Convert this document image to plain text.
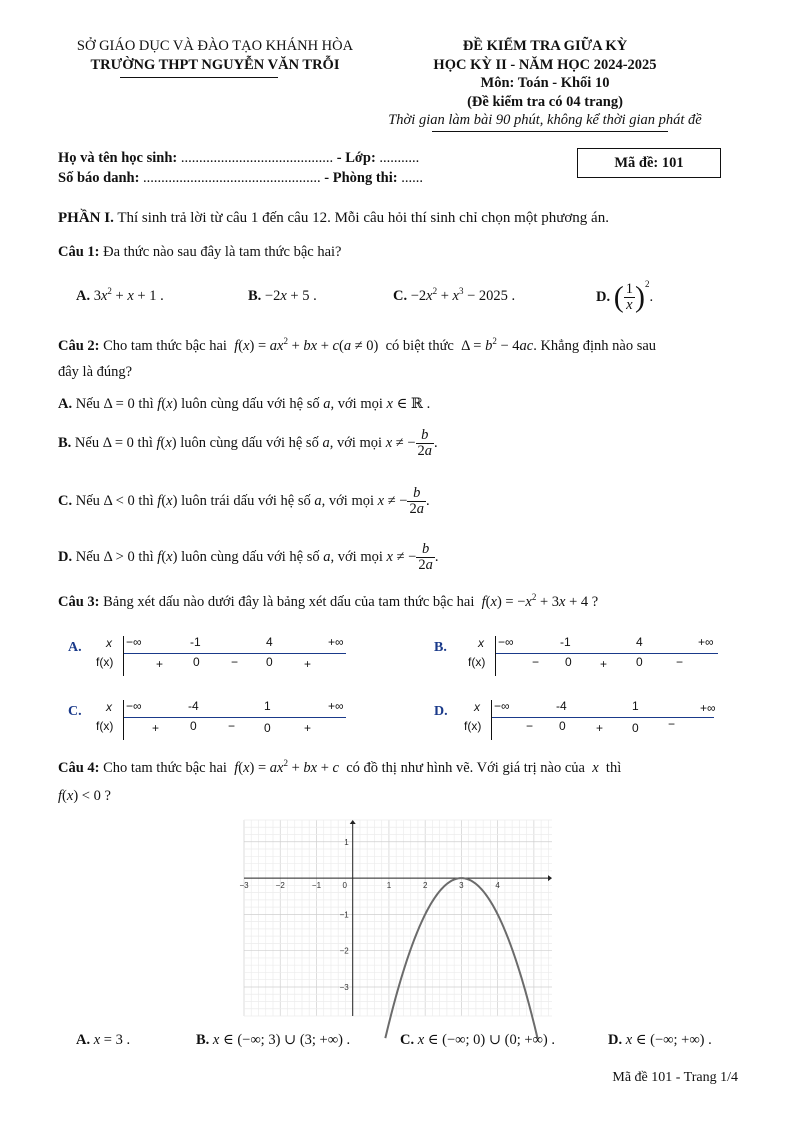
SỞ GIÁO DỤC VÀ ĐÀO TẠO KHÁNH HÒA
TRƯỜNG THPT NGUYỄN VĂN TRỖI
ĐỀ KIỂM TRA GIỮA KỲ
HỌC KỲ II - NĂM HỌC 2024-2025
Môn: Toán - Khối 10
(Đề kiểm tra có 04 trang)
Thời gian làm bài 90 phút, không kể thời gian phát đề
Họ và tên học sinh: .......................................... - Lớp: ...........
Số báo danh: ................................................. - Phòng thi: ......
Mã đề: 101
PHẦN I. Thí sinh trả lời từ câu 1 đến câu 12. Mỗi câu hỏi thí sinh chỉ chọn một phương án.
Câu 1: Đa thức nào sau đây là tam thức bậc hai?
A. $3x^2 + x + 1$ .	B. −2x + 5 .	C. $-2x^2 + x^3 - 2025$ .	D. ( $\frac{1}{x} )^2$.
Câu 2: Cho tam thức bậc hai $f(x) = ax^2$ + bx + c(a ≠ 0)  có biệt thức  $\Delta = b^2 - 4ac$. Khẳng định nào sau
đây là đúng?
A. Nếu Δ = 0 thì f(x) luôn cùng dấu với hệ số a, với mọi x ∈ ℝ .
B. Nếu Δ = 0 thì f(x) luôn cùng dấu với hệ số a, với mọi x ≠ − $\frac{b}{2a}$ .
C. Nếu Δ < 0 thì f(x) luôn trái dấu với hệ số a, với mọi x ≠ − $\frac{b}{2a}$ .
D. Nếu Δ > 0 thì f(x) luôn cùng dấu với hệ số a, với mọi x ≠ − $\frac{b}{2a}$ .
Câu 3: Bảng xét dấu nào dưới đây là bảng xét dấu của tam thức bậc hai $f(x) = -x^2 + 3x + 4$ ?
A. x
f(x)
−∞	-1	4	+∞
+ 0	− 0	+
B.	x
f(x)
−∞	-1	4	+∞
− 0 + 0	−
C. x
f(x)
−∞	-4	1	+∞
+	0	− 0	+
D. x
f(x)
−∞	-4	1	+∞
− 0	+ 0 −
Câu 4: Cho tam thức bậc hai $f(x) = ax^2$ + bx + c có đồ thị như hình vẽ. Với giá trị nào của x thì
f(x) < 0 ?
−3	−2	−1	0	1	2	3	4
1
−1
−2
−3
A. x = 3 .	B. x ∈ (−∞; 3) ∪ (3; +∞) .	C. x ∈ (−∞; 0) ∪ (0; +∞) .	D. x ∈ (−∞; +∞) .
Mã đề 101 - Trang 1/4
